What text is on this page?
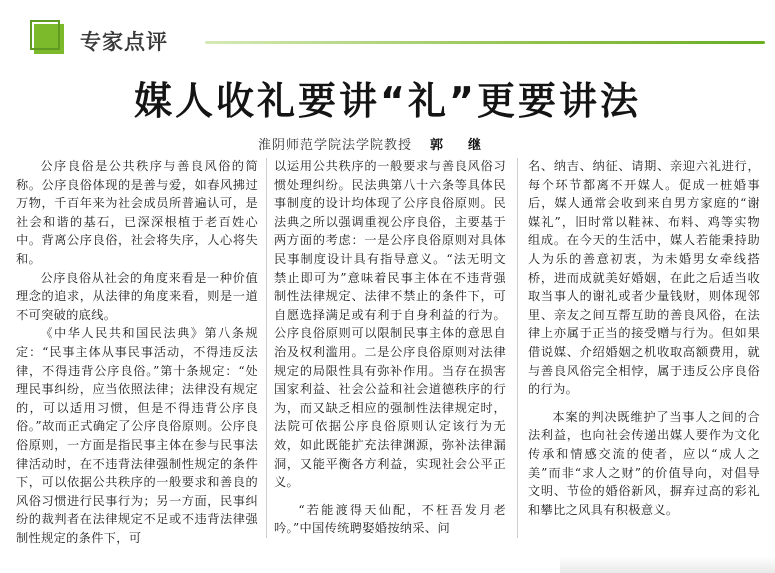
专家点评
媒人收礼要讲“礼”更要讲法
淮阴师范学院法学院教授 郭　继

公序良俗是公共秩序与善良风俗的简称。公序良俗体现的是善与爱，如春风拂过万物，千百年来为社会成员所普遍认可，是社会和谐的基石，已深深根植于老百姓心中。背离公序良俗，社会将失序，人心将失和。

公序良俗从社会的角度来看是一种价值理念的追求，从法律的角度来看，则是一道不可突破的底线。

《中华人民共和国民法典》第八条规定：“民事主体从事民事活动，不得违反法律，不得违背公序良俗。”第十条规定：“处理民事纠纷，应当依照法律；法律没有规定的，可以适用习惯，但是不得违背公序良俗。”故而正式确定了公序良俗原则。公序良俗原则，一方面是指民事主体在参与民事法律活动时，在不违背法律强制性规定的条件下，可以依据公共秩序的一般要求和善良的风俗习惯进行民事行为；另一方面，民事纠纷的裁判者在法律规定不足或不违背法律强制性规定的条件下，可

以运用公共秩序的一般要求与善良风俗习惯处理纠纷。民法典第八十六条等具体民事制度的设计均体现了公序良俗原则。民法典之所以强调重视公序良俗，主要基于两方面的考虑：一是公序良俗原则对具体民事制度设计具有指导意义。“法无明文禁止即可为”意味着民事主体在不违背强制性法律规定、法律不禁止的条件下，可自愿选择满足或有利于自身利益的行为。公序良俗原则可以限制民事主体的意思自治及权利滥用。二是公序良俗原则对法律规定的局限性具有弥补作用。当存在损害国家利益、社会公益和社会道德秩序的行为，而又缺乏相应的强制性法律规定时，法院可依据公序良俗原则认定该行为无效，如此既能扩充法律渊源，弥补法律漏洞，又能平衡各方利益，实现社会公平正义。

“若能渡得天仙配，不枉吾发月老吟。”中国传统聘娶婚按纳采、问

名、纳吉、纳征、请期、亲迎六礼进行，每个环节都离不开媒人。促成一桩婚事后，媒人通常会收到来自男方家庭的“谢媒礼”，旧时常以鞋袜、布料、鸡等实物组成。在今天的生活中，媒人若能秉持助人为乐的善意初衷，为未婚男女牵线搭桥，进而成就美好婚姻，在此之后适当收取当事人的谢礼或者少量钱财，则体现邻里、亲友之间互帮互助的善良风俗，在法律上亦属于正当的接受赠与行为。但如果借说媒、介绍婚姻之机收取高额费用，就与善良风俗完全相悖，属于违反公序良俗的行为。

本案的判决既维护了当事人之间的合法利益，也向社会传递出媒人要作为文化传承和情感交流的使者，应以“成人之美”而非“求人之财”的价值导向，对倡导文明、节俭的婚俗新风，摒弃过高的彩礼和攀比之风具有积极意义。
